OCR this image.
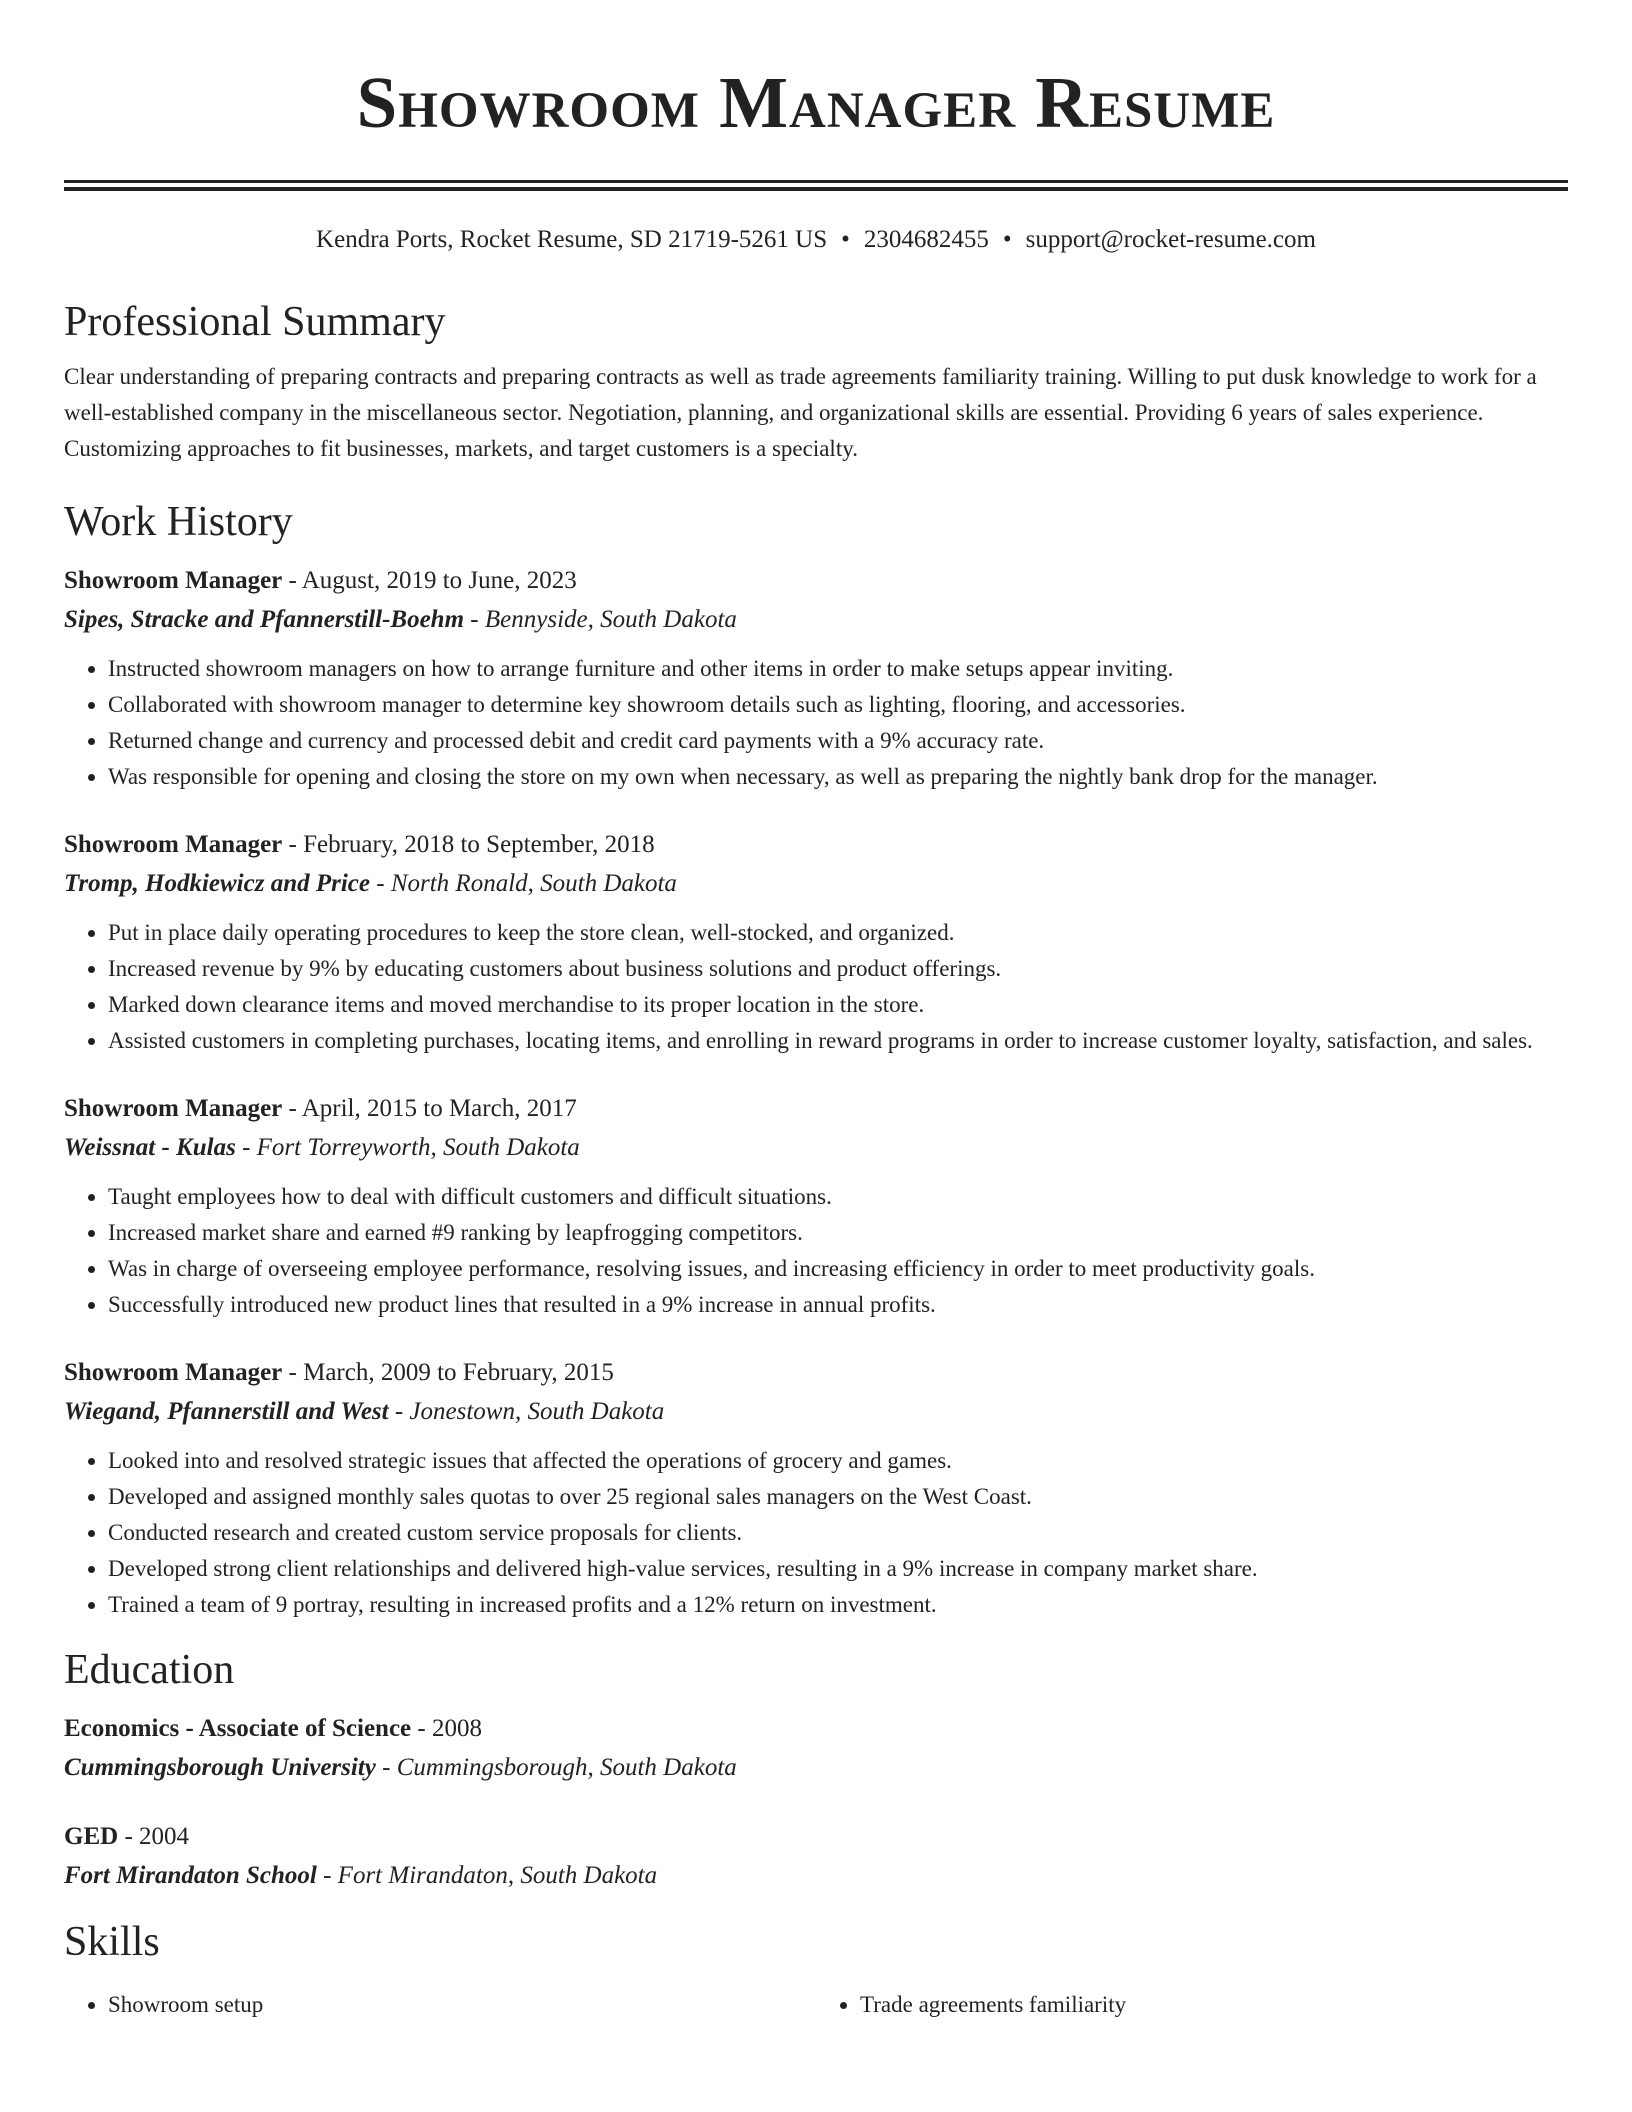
Showroom Manager Resume
Kendra Ports, Rocket Resume, SD 21719-5261 US • 2304682455 • support@rocket-resume.com
Professional Summary
Clear understanding of preparing contracts and preparing contracts as well as trade agreements familiarity training. Willing to put dusk knowledge to work for a well-established company in the miscellaneous sector. Negotiation, planning, and organizational skills are essential. Providing 6 years of sales experience. Customizing approaches to fit businesses, markets, and target customers is a specialty.
Work History
Showroom Manager - August, 2019 to June, 2023
Sipes, Stracke and Pfannerstill-Boehm - Bennyside, South Dakota
• Instructed showroom managers on how to arrange furniture and other items in order to make setups appear inviting.
• Collaborated with showroom manager to determine key showroom details such as lighting, flooring, and accessories.
• Returned change and currency and processed debit and credit card payments with a 9% accuracy rate.
• Was responsible for opening and closing the store on my own when necessary, as well as preparing the nightly bank drop for the manager.
Showroom Manager - February, 2018 to September, 2018
Tromp, Hodkiewicz and Price - North Ronald, South Dakota
• Put in place daily operating procedures to keep the store clean, well-stocked, and organized.
• Increased revenue by 9% by educating customers about business solutions and product offerings.
• Marked down clearance items and moved merchandise to its proper location in the store.
• Assisted customers in completing purchases, locating items, and enrolling in reward programs in order to increase customer loyalty, satisfaction, and sales.
Showroom Manager - April, 2015 to March, 2017
Weissnat - Kulas - Fort Torreyworth, South Dakota
• Taught employees how to deal with difficult customers and difficult situations.
• Increased market share and earned #9 ranking by leapfrogging competitors.
• Was in charge of overseeing employee performance, resolving issues, and increasing efficiency in order to meet productivity goals.
• Successfully introduced new product lines that resulted in a 9% increase in annual profits.
Showroom Manager - March, 2009 to February, 2015
Wiegand, Pfannerstill and West - Jonestown, South Dakota
• Looked into and resolved strategic issues that affected the operations of grocery and games.
• Developed and assigned monthly sales quotas to over 25 regional sales managers on the West Coast.
• Conducted research and created custom service proposals for clients.
• Developed strong client relationships and delivered high-value services, resulting in a 9% increase in company market share.
• Trained a team of 9 portray, resulting in increased profits and a 12% return on investment.
Education
Economics - Associate of Science - 2008
Cummingsborough University - Cummingsborough, South Dakota
GED - 2004
Fort Mirandaton School - Fort Mirandaton, South Dakota
Skills
• Showroom setup
•	Trade agreements familiarity
